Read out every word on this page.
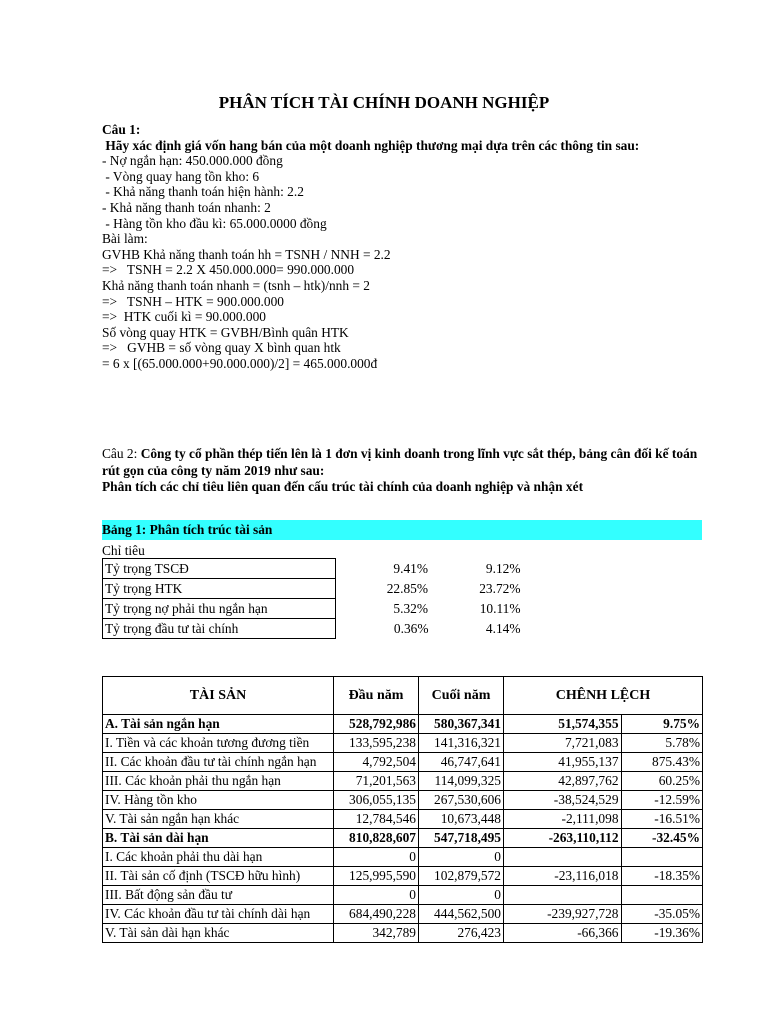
PHÂN TÍCH TÀI CHÍNH DOANH NGHIỆP
Câu 1:
Hãy xác định giá vốn hang bán của một doanh nghiệp thương mại dựa trên các thông tin sau:
- Nợ ngắn hạn: 450.000.000 đồng
- Vòng quay hang tồn kho: 6
- Khả năng thanh toán hiện hành: 2.2
- Khả năng thanh toán nhanh: 2
- Hàng tồn kho đầu kì: 65.000.0000 đồng
Bài làm:
GVHB Khả năng thanh toán hh = TSNH / NNH = 2.2
=>   TSNH = 2.2 X 450.000.000= 990.000.000
Khả năng thanh toán nhanh = (tsnh – htk)/nnh = 2
=>   TSNH – HTK = 900.000.000
=>  HTK cuối kì = 90.000.000
Số vòng quay HTK = GVBH/Bình quân HTK
=>   GVHB = số vòng quay X bình quan htk
= 6 x [(65.000.000+90.000.000)/2] = 465.000.000đ
Câu 2: Công ty cổ phần thép tiến lên là 1 đơn vị kinh doanh trong lĩnh vực sắt thép, bảng cân đối kế toán rút gọn của công ty năm 2019 như sau:
Phân tích các chỉ tiêu liên quan đến cấu trúc tài chính của doanh nghiệp và nhận xét
Bảng 1: Phân tích trúc tài sản
Chỉ tiêu
Tỷ trọng TSCĐ	9.41%	9.12%
Tỷ trọng HTK	22.85%	23.72%
Tỷ trọng nợ phải thu ngắn hạn	5.32%	10.11%
Tỷ trọng đầu tư tài chính	0.36%	4.14%
TÀI SẢN	Đầu năm	Cuối năm	CHÊNH LỆCH	
A. Tài sản ngắn hạn	528,792,986	580,367,341	51,574,355	9.75%
I. Tiền và các khoản tương đương tiền	133,595,238	141,316,321	7,721,083	5.78%
II. Các khoản đầu tư tài chính ngắn hạn	4,792,504	46,747,641	41,955,137	875.43%
III. Các khoản phải thu ngắn hạn	71,201,563	114,099,325	42,897,762	60.25%
IV. Hàng tồn kho	306,055,135	267,530,606	-38,524,529	-12.59%
V. Tài sản ngắn hạn khác	12,784,546	10,673,448	-2,111,098	-16.51%
B. Tài sản dài hạn	810,828,607	547,718,495	-263,110,112	-32.45%
I. Các khoản phải thu dài hạn	0	0		
II. Tài sản cố định (TSCĐ hữu hình)	125,995,590	102,879,572	-23,116,018	-18.35%
III. Bất động sản đầu tư	0	0		
IV. Các khoản đầu tư tài chính dài hạn	684,490,228	444,562,500	-239,927,728	-35.05%
V. Tài sản dài hạn khác	342,789	276,423	-66,366	-19.36%
